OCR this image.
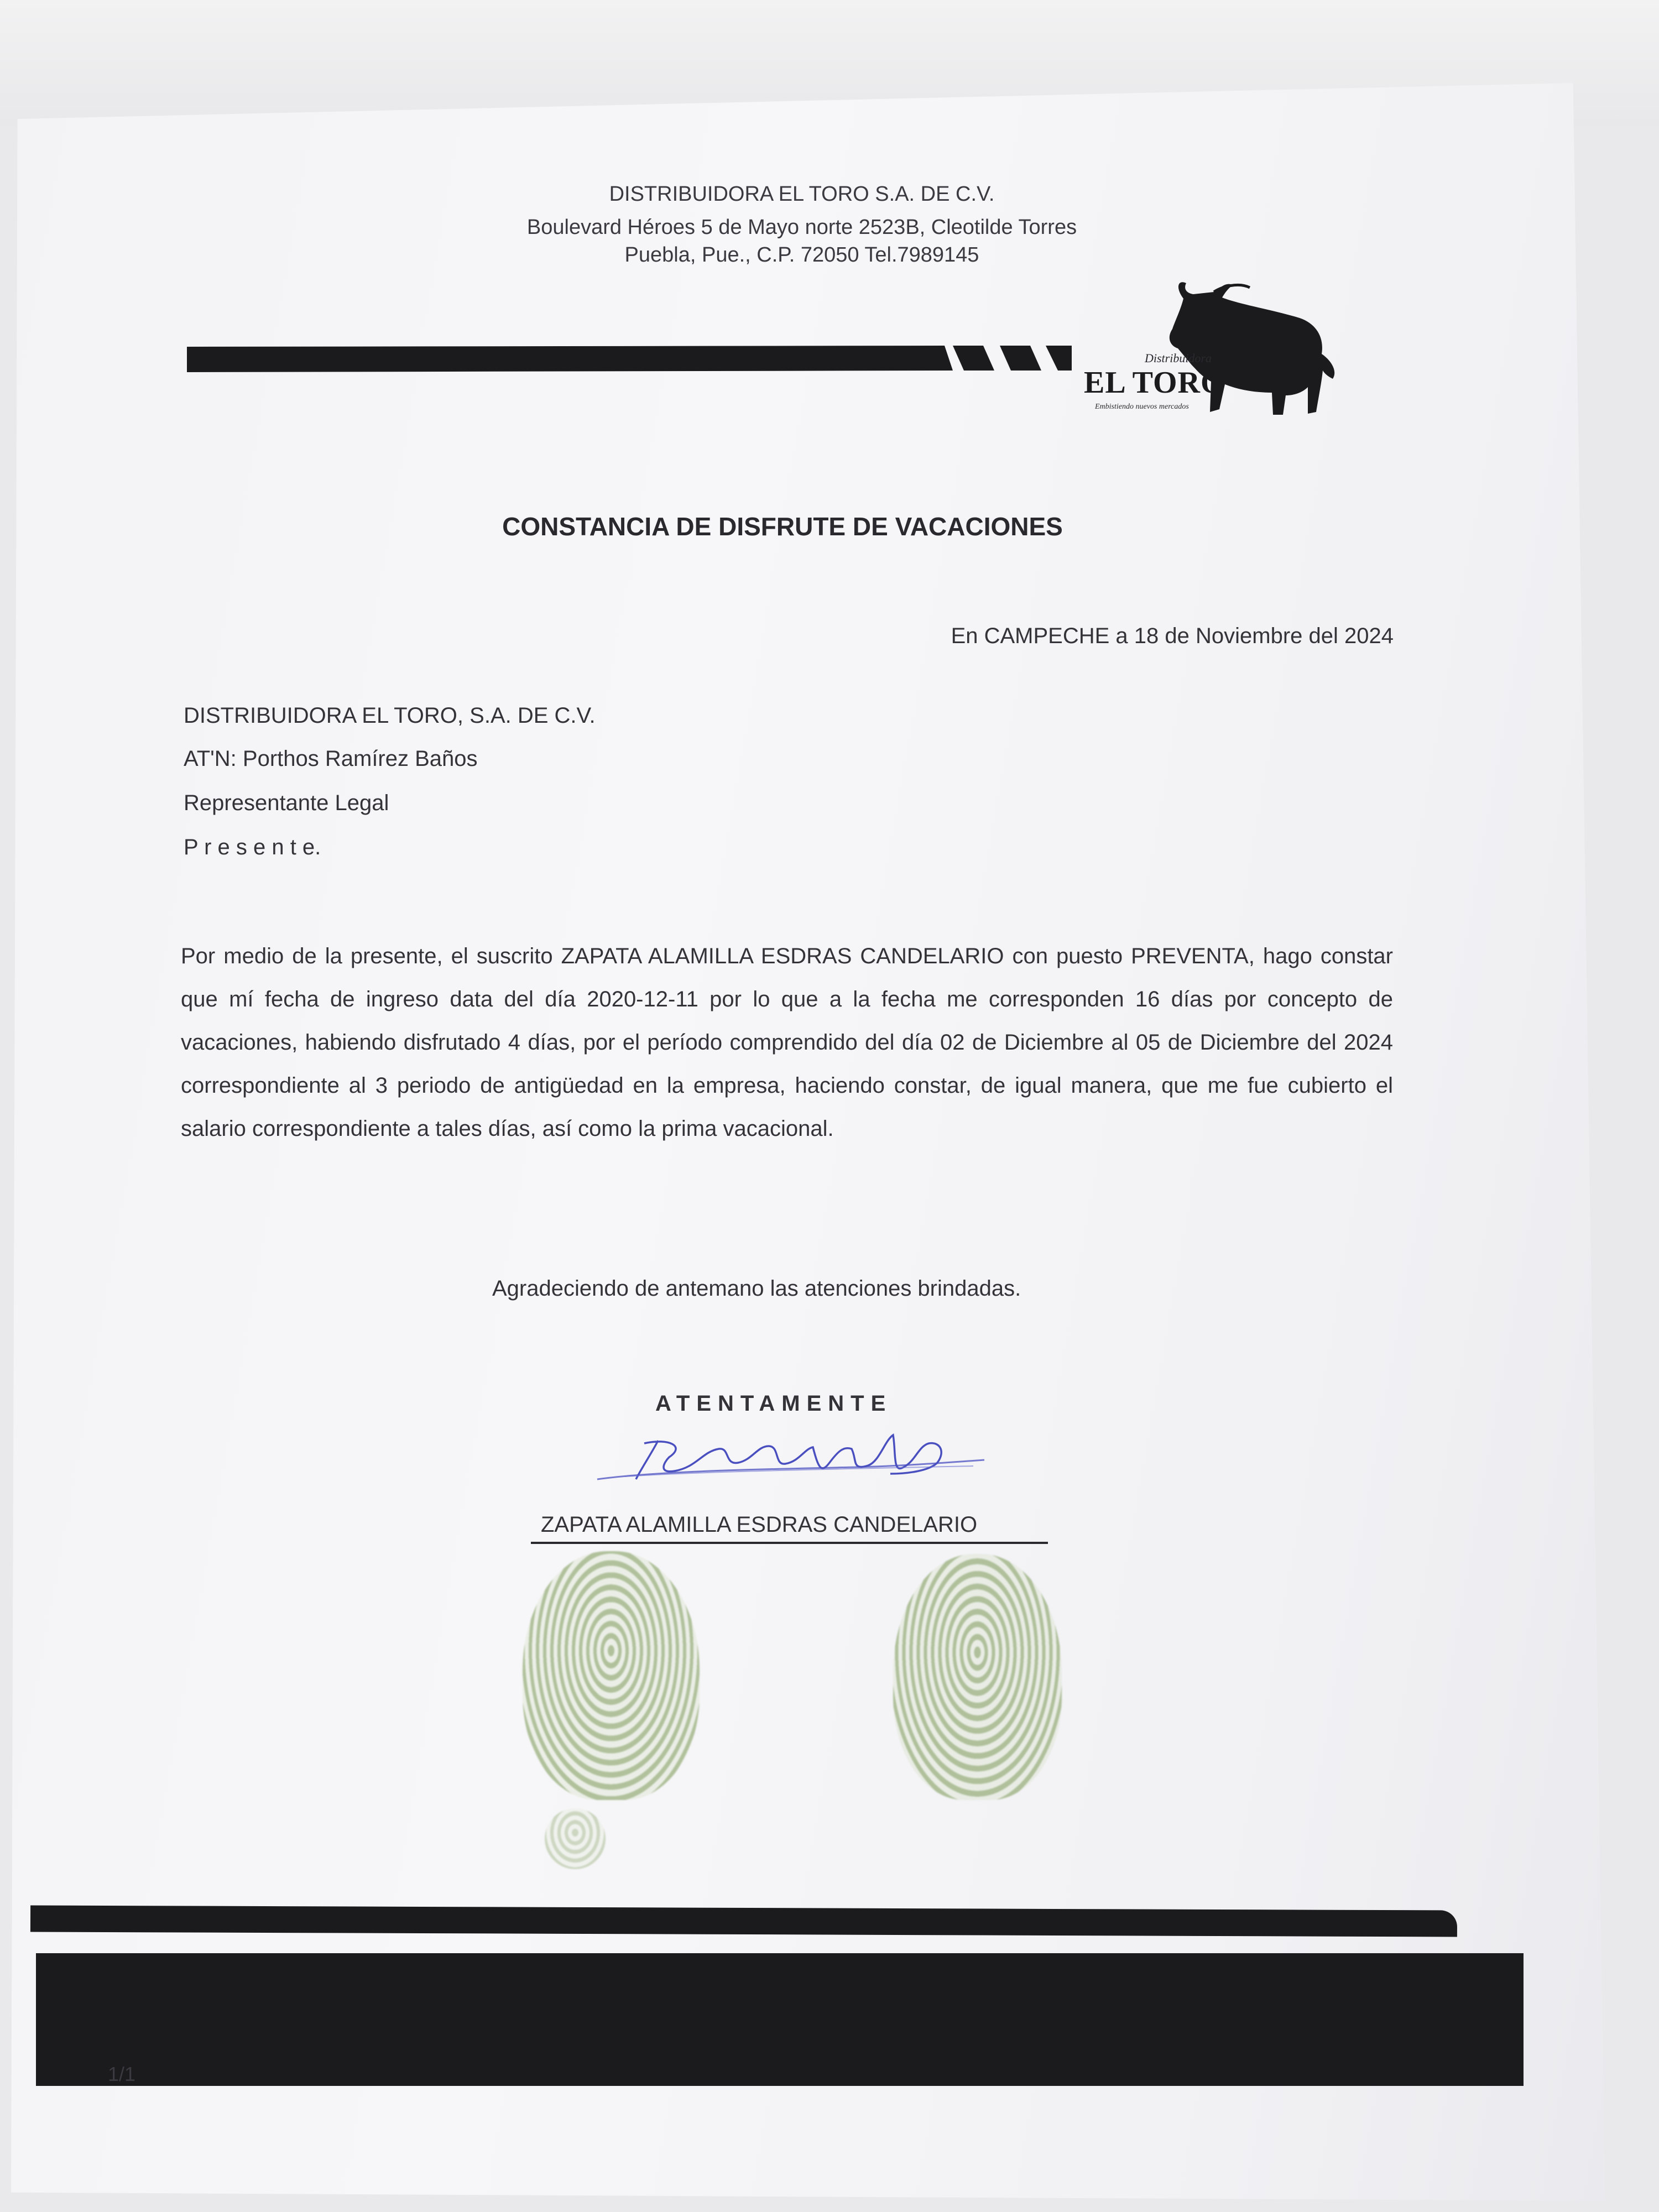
DISTRIBUIDORA EL TORO S.A. DE C.V.
Boulevard Héroes 5 de Mayo norte 2523B, Cleotilde Torres
Puebla, Pue., C.P. 72050 Tel.7989145
Distribuidora
EL TORO
Embistiendo nuevos mercados
CONSTANCIA DE DISFRUTE DE VACACIONES
En CAMPECHE a 18 de Noviembre del 2024
DISTRIBUIDORA EL TORO, S.A. DE C.V.
AT'N: Porthos Ramírez Baños
Representante Legal
P r e s e n t e.
Por medio de la presente, el suscrito ZAPATA ALAMILLA ESDRAS CANDELARIO con puesto PREVENTA, hago constar que mí fecha de ingreso data del día 2020-12-11 por lo que a la fecha me corresponden 16 días por concepto de vacaciones, habiendo disfrutado 4 días, por el período comprendido del día 02 de Diciembre al 05 de Diciembre del 2024 correspondiente al 3 periodo de antigüedad en la empresa, haciendo constar, de igual manera, que me fue cubierto el salario correspondiente a tales días, así como la prima vacacional.
Agradeciendo de antemano las atenciones brindadas.
ATENTAMENTE
ZAPATA ALAMILLA ESDRAS CANDELARIO
1/1
